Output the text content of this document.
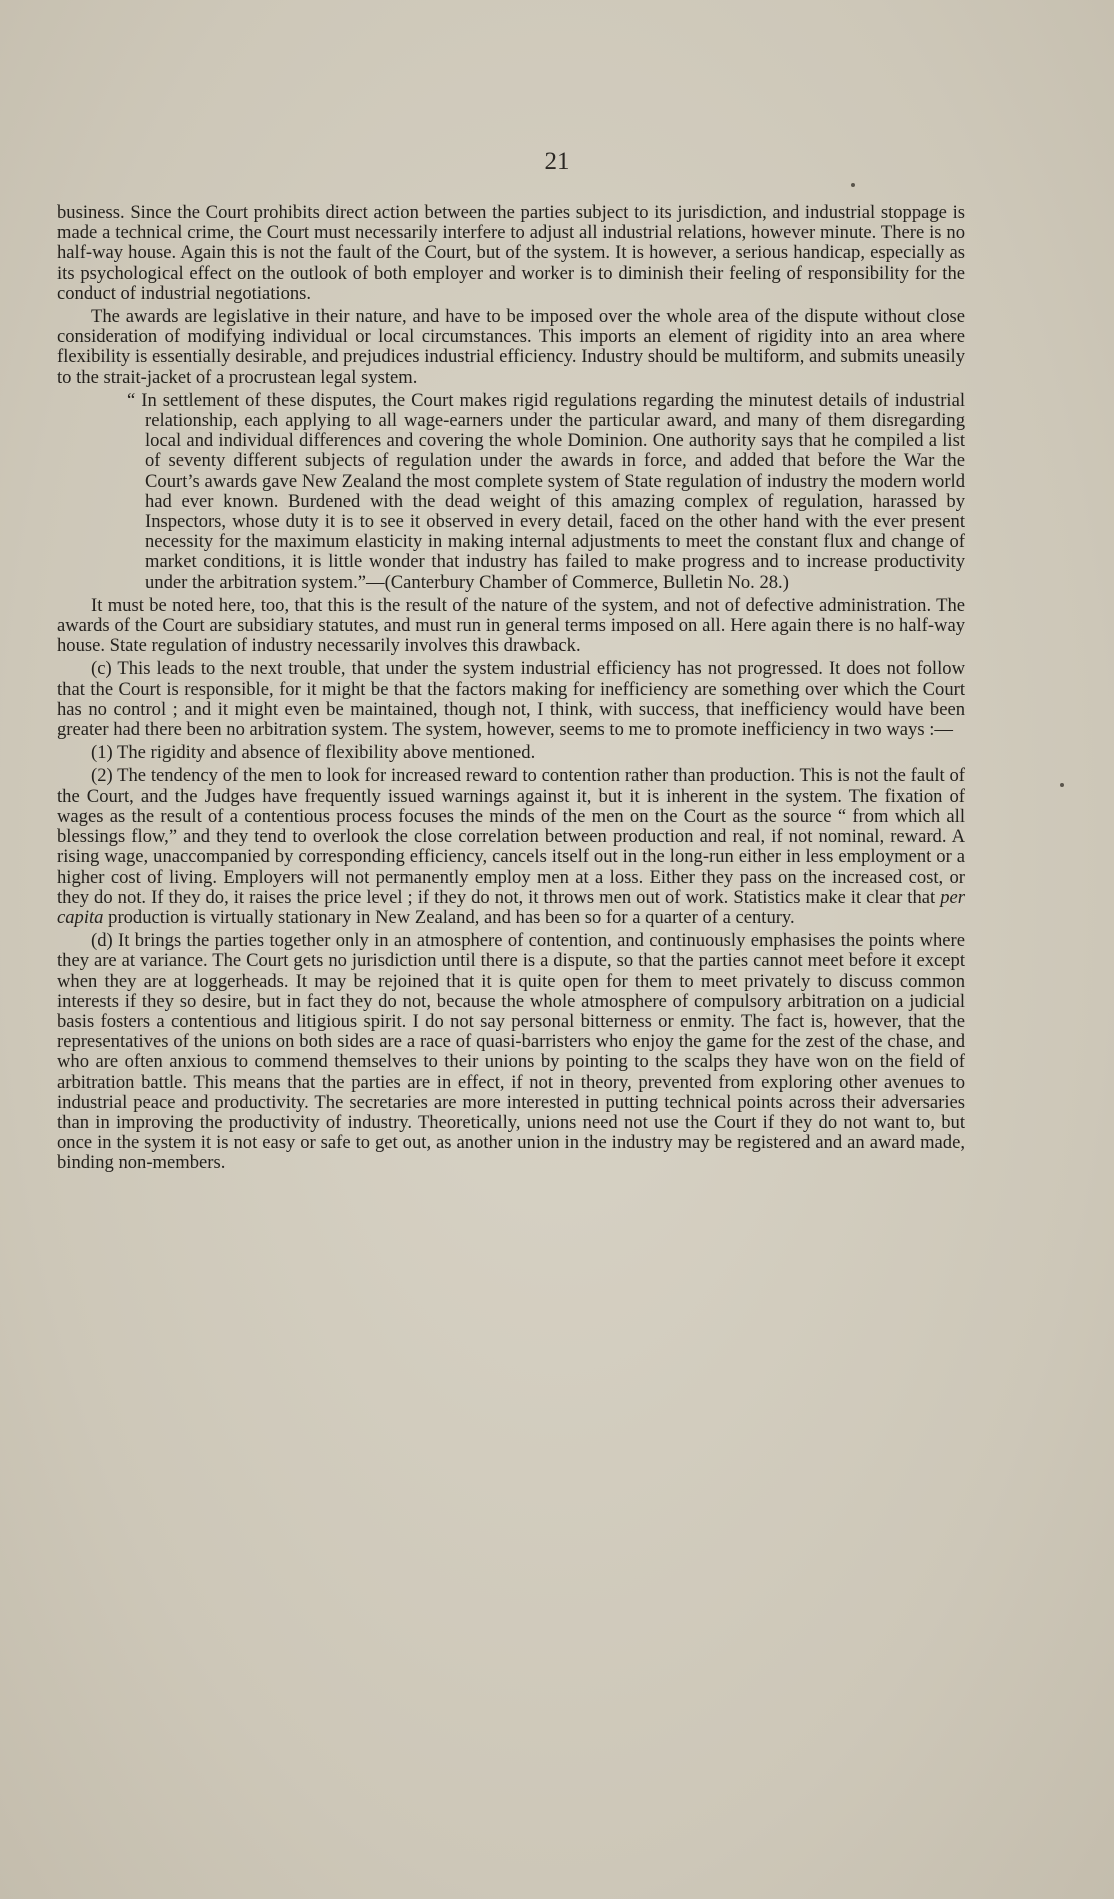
21

business. Since the Court prohibits direct action between the parties subject to its jurisdiction, and industrial stoppage is made a technical crime, the Court must necessarily interfere to adjust all industrial relations, however minute. There is no half-way house. Again this is not the fault of the Court, but of the system. It is however, a serious handicap, especially as its psychological effect on the outlook of both employer and worker is to diminish their feeling of responsibility for the conduct of industrial negotiations.

The awards are legislative in their nature, and have to be imposed over the whole area of the dispute without close consideration of modifying individual or local circumstances. This imports an element of rigidity into an area where flexibility is essentially desirable, and prejudices industrial efficiency. Industry should be multiform, and submits uneasily to the strait-jacket of a procrustean legal system.

“ In settlement of these disputes, the Court makes rigid regulations regarding the minutest details of industrial relationship, each applying to all wage-earners under the particular award, and many of them disregarding local and individual differences and covering the whole Dominion. One authority says that he compiled a list of seventy different subjects of regulation under the awards in force, and added that before the War the Court’s awards gave New Zealand the most complete system of State regulation of industry the modern world had ever known. Burdened with the dead weight of this amazing complex of regulation, harassed by Inspectors, whose duty it is to see it observed in every detail, faced on the other hand with the ever present necessity for the maximum elasticity in making internal adjustments to meet the constant flux and change of market conditions, it is little wonder that industry has failed to make progress and to increase productivity under the arbitration system.”—(Canterbury Chamber of Commerce, Bulletin No. 28.)

It must be noted here, too, that this is the result of the nature of the system, and not of defective administration. The awards of the Court are subsidiary statutes, and must run in general terms imposed on all. Here again there is no half-way house. State regulation of industry necessarily involves this drawback.

(c) This leads to the next trouble, that under the system industrial efficiency has not progressed. It does not follow that the Court is responsible, for it might be that the factors making for inefficiency are something over which the Court has no control ; and it might even be maintained, though not, I think, with success, that inefficiency would have been greater had there been no arbitration system. The system, however, seems to me to promote inefficiency in two ways :—

(1) The rigidity and absence of flexibility above mentioned.

(2) The tendency of the men to look for increased reward to contention rather than production. This is not the fault of the Court, and the Judges have frequently issued warnings against it, but it is inherent in the system. The fixation of wages as the result of a contentious process focuses the minds of the men on the Court as the source “ from which all blessings flow,” and they tend to overlook the close correlation between production and real, if not nominal, reward. A rising wage, unaccompanied by corresponding efficiency, cancels itself out in the long-run either in less employment or a higher cost of living. Employers will not permanently employ men at a loss. Either they pass on the increased cost, or they do not. If they do, it raises the price level ; if they do not, it throws men out of work. Statistics make it clear that per capita production is virtually stationary in New Zealand, and has been so for a quarter of a century.

(d) It brings the parties together only in an atmosphere of contention, and continuously emphasises the points where they are at variance. The Court gets no jurisdiction until there is a dispute, so that the parties cannot meet before it except when they are at loggerheads. It may be rejoined that it is quite open for them to meet privately to discuss common interests if they so desire, but in fact they do not, because the whole atmosphere of compulsory arbitration on a judicial basis fosters a contentious and litigious spirit. I do not say personal bitterness or enmity. The fact is, however, that the representatives of the unions on both sides are a race of quasi-barristers who enjoy the game for the zest of the chase, and who are often anxious to commend themselves to their unions by pointing to the scalps they have won on the field of arbitration battle. This means that the parties are in effect, if not in theory, prevented from exploring other avenues to industrial peace and productivity. The secretaries are more interested in putting technical points across their adversaries than in improving the productivity of industry. Theoretically, unions need not use the Court if they do not want to, but once in the system it is not easy or safe to get out, as another union in the industry may be registered and an award made, binding non-members.
